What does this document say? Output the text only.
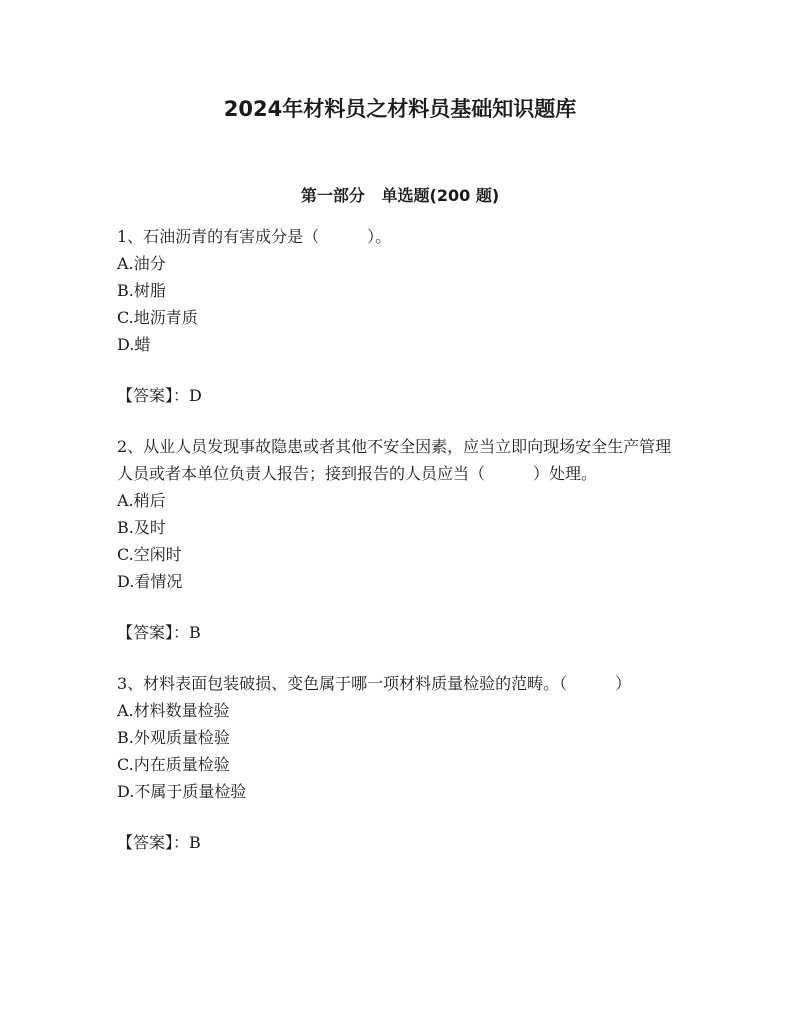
2024年材料员之材料员基础知识题库
第一部分   单选题(200 题)

1、石油沥青的有害成分是（　　　）。

A.油分

B.树脂

C.地沥青质

D.蜡

【答案】：D

2、从业人员发现事故隐患或者其他不安全因素，应当立即向现场安全生产管理人员或者本单位负责人报告；接到报告的人员应当（　　　）处理。

A.稍后

B.及时

C.空闲时

D.看情况

【答案】：B

3、材料表面包装破损、变色属于哪一项材料质量检验的范畴。（　　　）

A.材料数量检验

B.外观质量检验

C.内在质量检验

D.不属于质量检验

【答案】：B
